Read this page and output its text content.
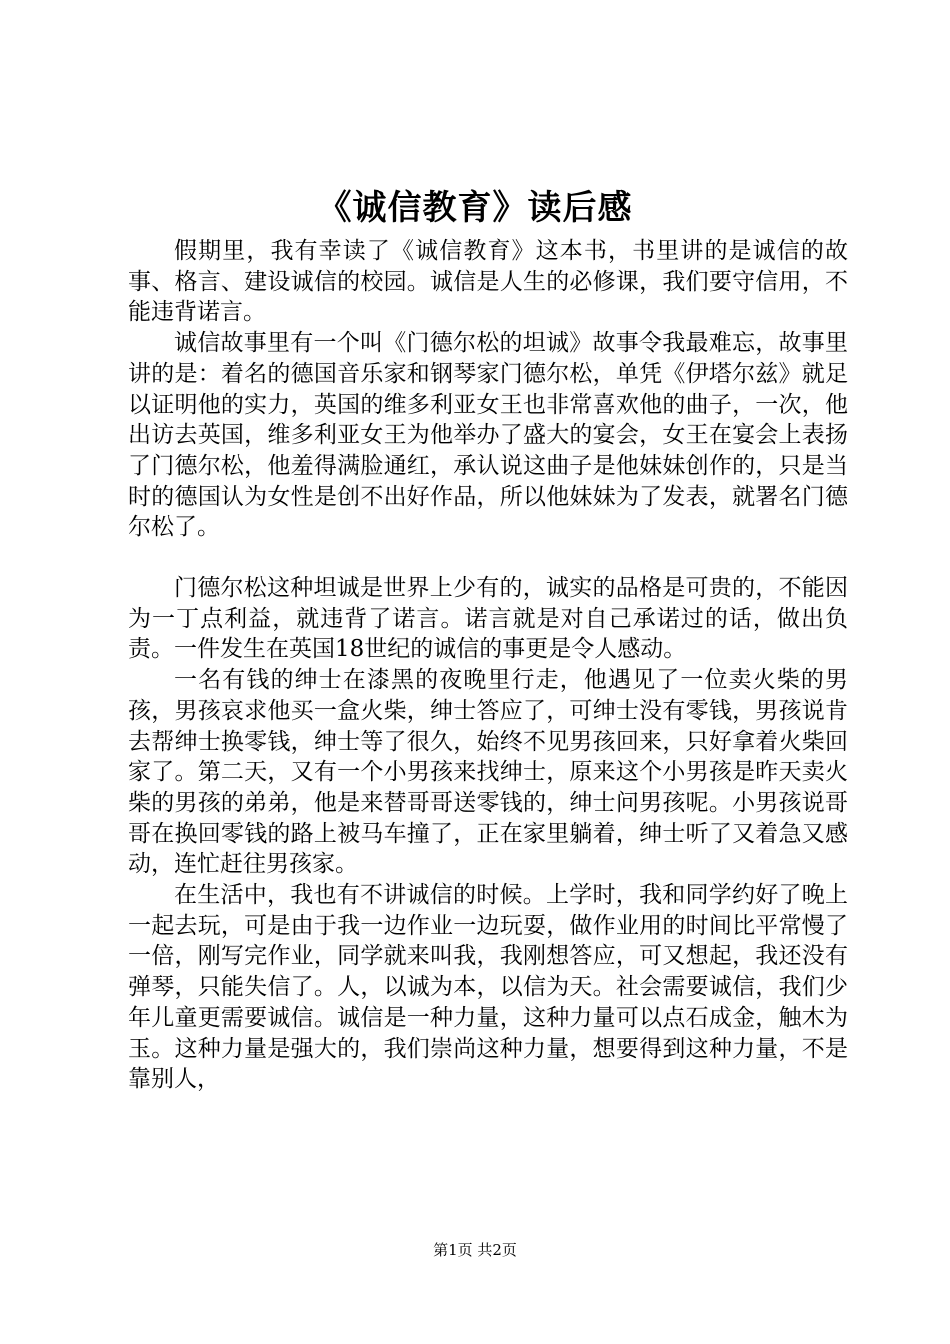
《诚信教育》读后感

假期里，我有幸读了《诚信教育》这本书，书里讲的是诚信的故事、格言、建设诚信的校园。诚信是人生的必修课，我们要守信用，不能违背诺言。

诚信故事里有一个叫《门德尔松的坦诚》故事令我最难忘，故事里讲的是：着名的德国音乐家和钢琴家门德尔松，单凭《伊塔尔兹》就足以证明他的实力，英国的维多利亚女王也非常喜欢他的曲子，一次，他出访去英国，维多利亚女王为他举办了盛大的宴会，女王在宴会上表扬了门德尔松，他羞得满脸通红，承认说这曲子是他妹妹创作的，只是当时的德国认为女性是创不出好作品，所以他妹妹为了发表，就署名门德尔松了。

门德尔松这种坦诚是世界上少有的，诚实的品格是可贵的，不能因为一丁点利益，就违背了诺言。诺言就是对自己承诺过的话，做出负责。一件发生在英国18世纪的诚信的事更是令人感动。

一名有钱的绅士在漆黑的夜晚里行走，他遇见了一位卖火柴的男孩，男孩哀求他买一盒火柴，绅士答应了，可绅士没有零钱，男孩说肯去帮绅士换零钱，绅士等了很久，始终不见男孩回来，只好拿着火柴回家了。第二天，又有一个小男孩来找绅士，原来这个小男孩是昨天卖火柴的男孩的弟弟，他是来替哥哥送零钱的，绅士问男孩呢。小男孩说哥哥在换回零钱的路上被马车撞了，正在家里躺着，绅士听了又着急又感动，连忙赶往男孩家。

在生活中，我也有不讲诚信的时候。上学时，我和同学约好了晚上一起去玩，可是由于我一边作业一边玩耍，做作业用的时间比平常慢了一倍，刚写完作业，同学就来叫我，我刚想答应，可又想起，我还没有弹琴，只能失信了。人，以诚为本，以信为天。社会需要诚信，我们少年儿童更需要诚信。诚信是一种力量，这种力量可以点石成金，触木为玉。这种力量是强大的，我们崇尚这种力量，想要得到这种力量，不是靠别人，

第1页 共2页
